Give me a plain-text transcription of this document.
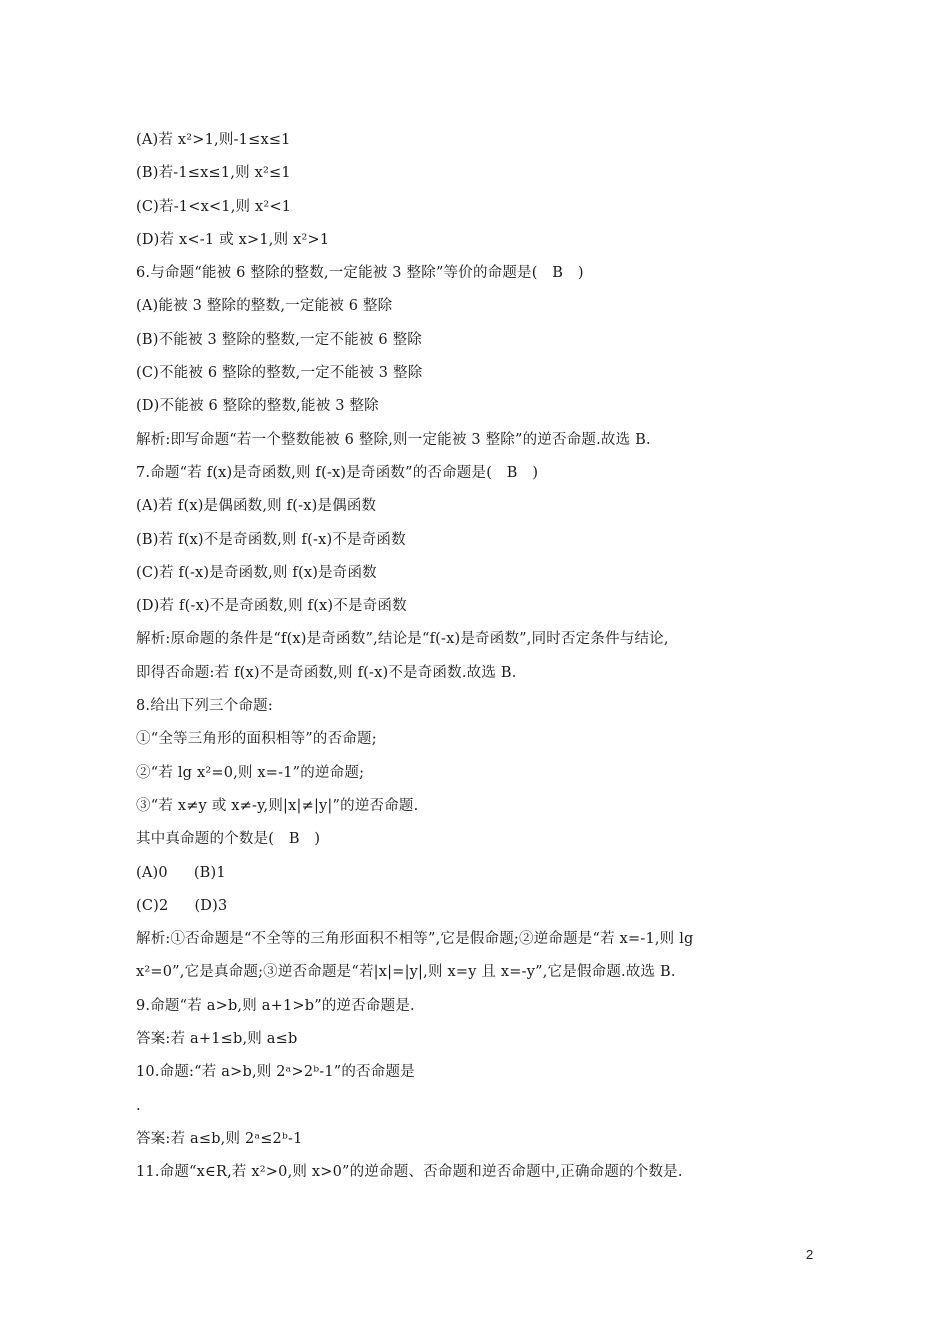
(A)若 x²>1,则-1≤x≤1
(B)若-1≤x≤1,则 x²≤1
(C)若-1<x<1,则 x²<1
(D)若 x<-1 或 x>1,则 x²>1
6.与命题“能被 6 整除的整数,一定能被 3 整除”等价的命题是(　B　)
(A)能被 3 整除的整数,一定能被 6 整除
(B)不能被 3 整除的整数,一定不能被 6 整除
(C)不能被 6 整除的整数,一定不能被 3 整除
(D)不能被 6 整除的整数,能被 3 整除
解析:即写命题“若一个整数能被 6 整除,则一定能被 3 整除”的逆否命题.故选 B.
7.命题“若 f(x)是奇函数,则 f(-x)是奇函数”的否命题是(　B　)
(A)若 f(x)是偶函数,则 f(-x)是偶函数
(B)若 f(x)不是奇函数,则 f(-x)不是奇函数
(C)若 f(-x)是奇函数,则 f(x)是奇函数
(D)若 f(-x)不是奇函数,则 f(x)不是奇函数
解析:原命题的条件是“f(x)是奇函数”,结论是“f(-x)是奇函数”,同时否定条件与结论,
即得否命题:若 f(x)不是奇函数,则 f(-x)不是奇函数.故选 B.
8.给出下列三个命题:
①“全等三角形的面积相等”的否命题;
②“若 lg x²=0,则 x=-1”的逆命题;
③“若 x≠y 或 x≠-y,则|x|≠|y|”的逆否命题.
其中真命题的个数是(　B　)
(A)0 (B)1
(C)2 (D)3
解析:①否命题是“不全等的三角形面积不相等”,它是假命题;②逆命题是“若 x=-1,则 lg
x²=0”,它是真命题;③逆否命题是“若|x|=|y|,则 x=y 且 x=-y”,它是假命题.故选 B.
9.命题“若 a>b,则 a+1>b”的逆否命题是.
答案:若 a+1≤b,则 a≤b
10.命题:“若 a>b,则 2ᵃ>2ᵇ-1”的否命题是
.
答案:若 a≤b,则 2ᵃ≤2ᵇ-1
11.命题“x∈R,若 x²>0,则 x>0”的逆命题、否命题和逆否命题中,正确命题的个数是.
2
